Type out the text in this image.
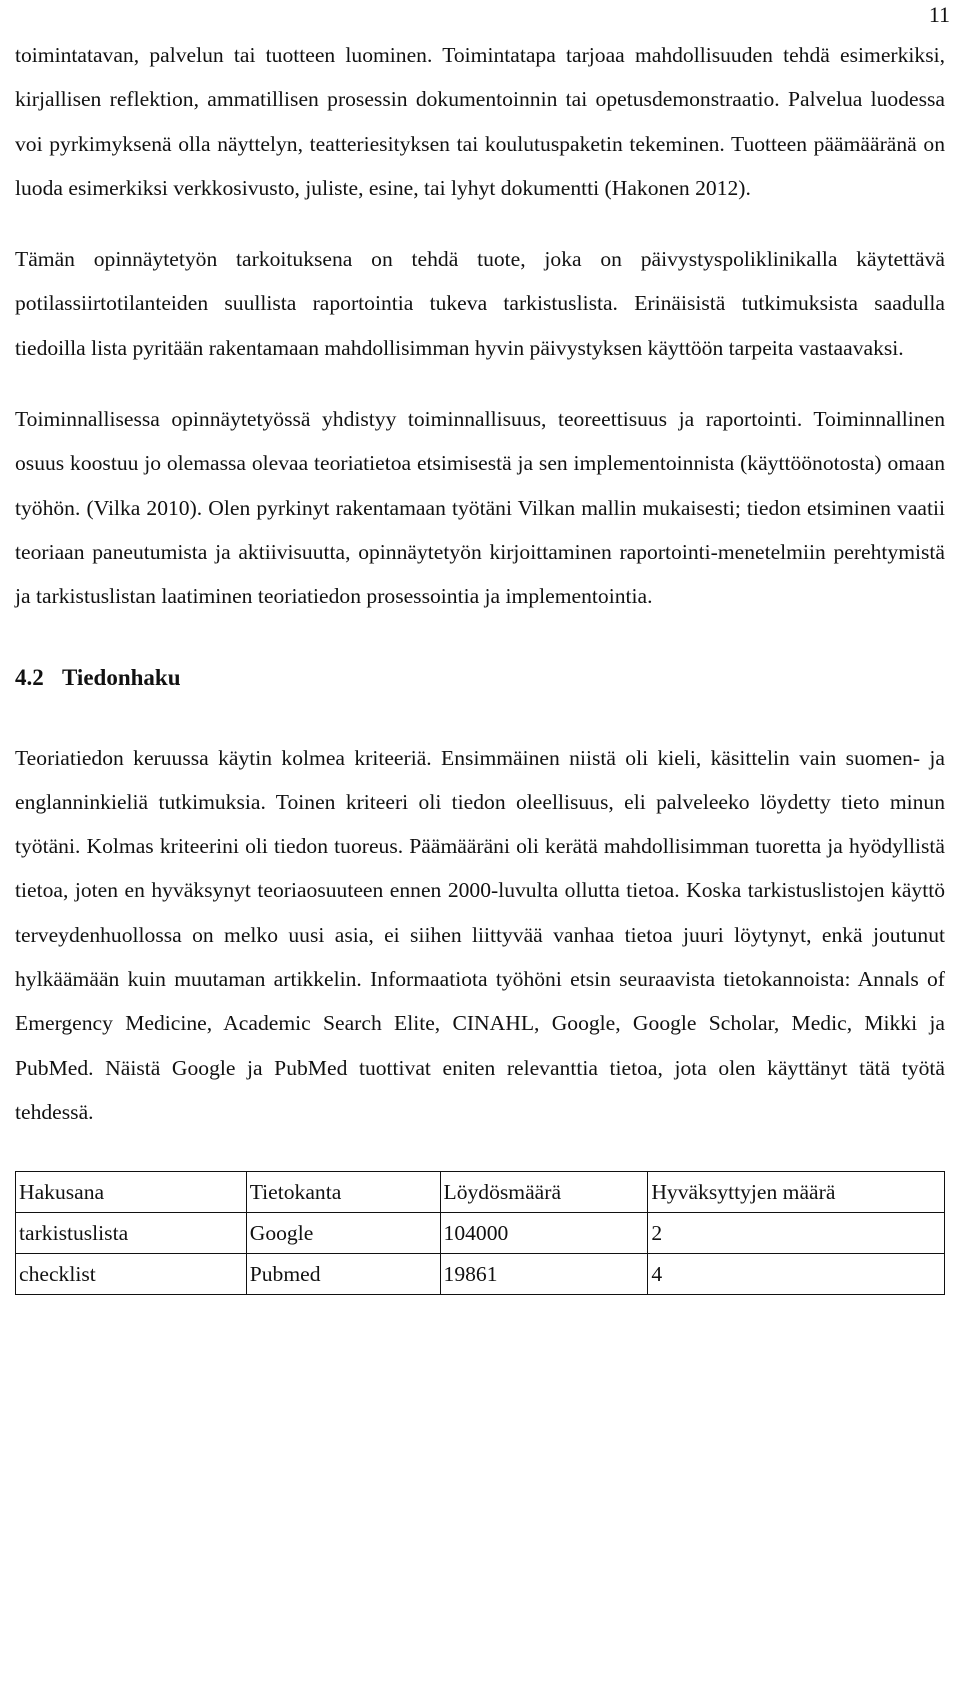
11

toimintatavan, palvelun tai tuotteen luominen. Toimintatapa tarjoaa mahdollisuuden tehdä esimerkiksi, kirjallisen reflektion, ammatillisen prosessin dokumentoinnin tai opetusdemonstraatio. Palvelua luodessa voi pyrkimyksenä olla näyttelyn, teatteriesityksen tai koulutuspaketin tekeminen. Tuotteen päämääränä on luoda esimerkiksi verkkosivusto, juliste, esine, tai lyhyt dokumentti (Hakonen 2012).

Tämän opinnäytetyön tarkoituksena on tehdä tuote, joka on päivystyspoliklinikalla käytettävä potilassiirtotilanteiden suullista raportointia tukeva tarkistuslista. Erinäisistä tutkimuksista saadulla tiedoilla lista pyritään rakentamaan mahdollisimman hyvin päivystyksen käyttöön tarpeita vastaavaksi.

Toiminnallisessa opinnäytetyössä yhdistyy toiminnallisuus, teoreettisuus ja raportointi. Toiminnallinen osuus koostuu jo olemassa olevaa teoriatietoa etsimisestä ja sen implementoinnista (käyttöönotosta) omaan työhön. (Vilka 2010). Olen pyrkinyt rakentamaan työtäni Vilkan mallin mukaisesti; tiedon etsiminen vaatii teoriaan paneutumista ja aktiivisuutta, opinnäytetyön kirjoittaminen raportointi-menetelmiin perehtymistä ja tarkistuslistan laatiminen teoriatiedon prosessointia ja implementointia.

4.2 Tiedonhaku

Teoriatiedon keruussa käytin kolmea kriteeriä. Ensimmäinen niistä oli kieli, käsittelin vain suomen- ja englanninkieliä tutkimuksia. Toinen kriteeri oli tiedon oleellisuus, eli palveleeko löydetty tieto minun työtäni. Kolmas kriteerini oli tiedon tuoreus. Päämääräni oli kerätä mahdollisimman tuoretta ja hyödyllistä tietoa, joten en hyväksynyt teoriaosuuteen ennen 2000-luvulta ollutta tietoa. Koska tarkistuslistojen käyttö terveydenhuollossa on melko uusi asia, ei siihen liittyvää vanhaa tietoa juuri löytynyt, enkä joutunut hylkäämään kuin muutaman artikkelin. Informaatiota työhöni etsin seuraavista tietokannoista: Annals of Emergency Medicine, Academic Search Elite, CINAHL, Google, Google Scholar, Medic, Mikki ja PubMed. Näistä Google ja PubMed tuottivat eniten relevanttia tietoa, jota olen käyttänyt tätä työtä tehdessä.

Hakusana	Tietokanta	Löydösmäärä	Hyväksyttyjen määrä
tarkistuslista	Google	104000	2
checklist	Pubmed	19861	4
